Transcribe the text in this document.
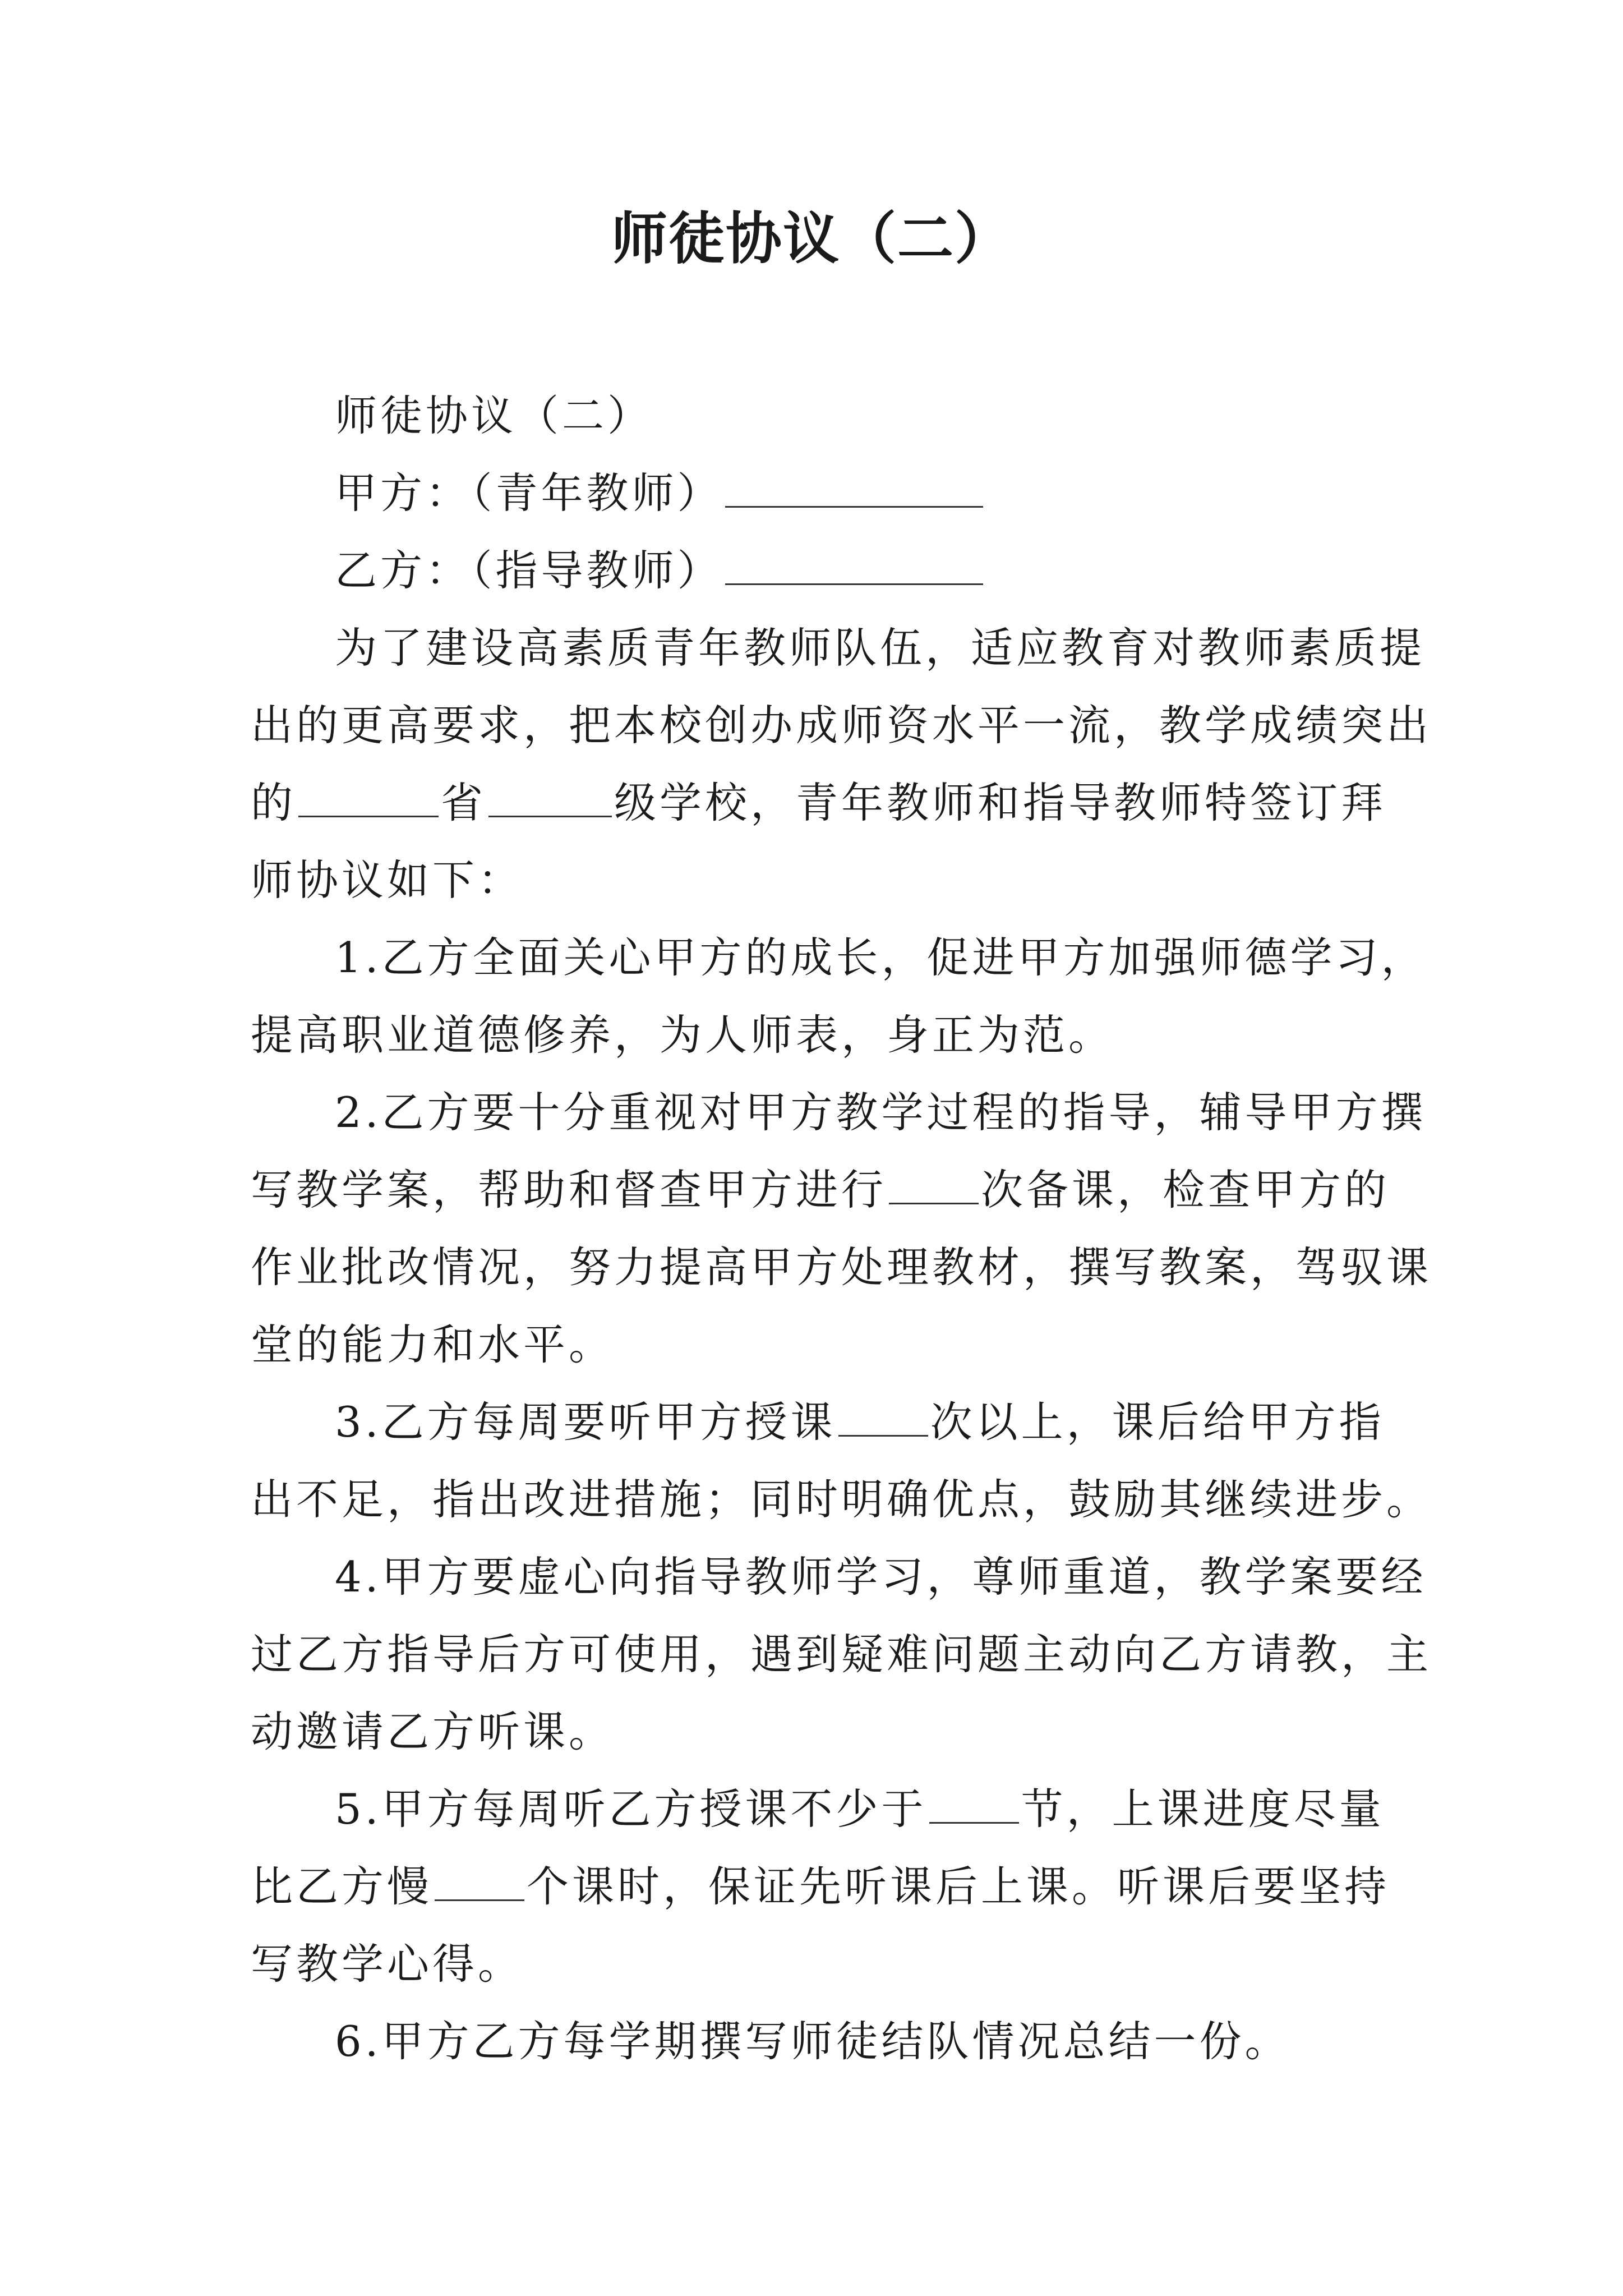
师徒协议（二）
师徒协议（二）
甲方：（青年教师）
乙方：（指导教师）
为了建设高素质青年教师队伍，适应教育对教师素质提
出的更高要求，把本校创办成师资水平一流，教学成绩突出
的	省	级学校，青年教师和指导教师特签订拜
师协议如下：
1.乙方全面关心甲方的成长，促进甲方加强师德学习，
提高职业道德修养，为人师表，身正为范。
2.乙方要十分重视对甲方教学过程的指导，辅导甲方撰
写教学案，帮助和督查甲方进行 次备课，检查甲方的
作业批改情况，努力提高甲方处理教材，撰写教案，驾驭课
堂的能力和水平。
3.乙方每周要听甲方授课 次以上，课后给甲方指
出不足，指出改进措施；同时明确优点，鼓励其继续进步。
4.甲方要虚心向指导教师学习，尊师重道，教学案要经
过乙方指导后方可使用，遇到疑难问题主动向乙方请教，主
动邀请乙方听课。
5.甲方每周听乙方授课不少于 节，上课进度尽量
比乙方慢 个课时，保证先听课后上课。听课后要坚持
写教学心得。
6.甲方乙方每学期撰写师徒结队情况总结一份。
